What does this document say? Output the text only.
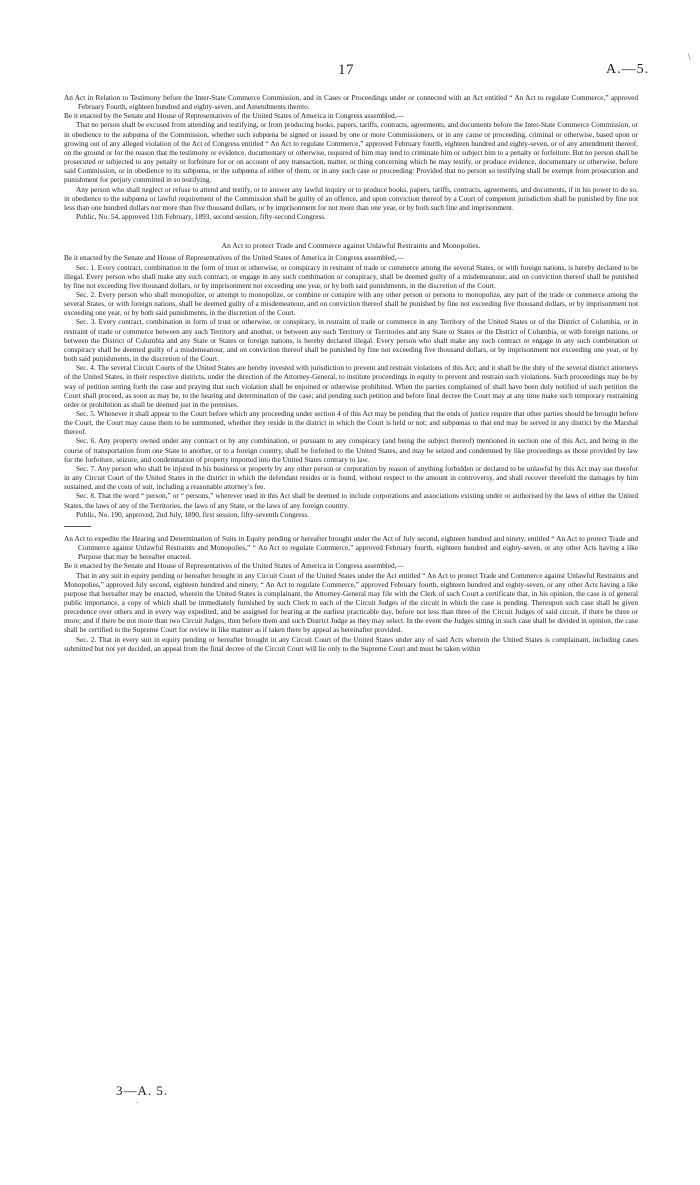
17	A.—5.
\

An Act in Relation to Testimony before the Inter-State Commerce Commission, and in Cases or Proceedings under or connected with an Act entitled “ An Act to regulate Commerce,” approved February Fourth, eighteen hundred and eighty-seven, and Amendments thereto.

Be it enacted by the Senate and House of Representatives of the United States of America in Congress assembled,—

That no person shall be excused from attending and testifying, or from producing books, papers, tariffs, contracts, agreements, and documents before the Inter-State Commerce Commission, or in obedience to the subpœna of the Commission, whether such subpœna be signed or issued by one or more Commissioners, or in any cause or proceeding, criminal or otherwise, based upon or growing out of any alleged violation of the Act of Congress entitled “ An Act to regulate Commerce,” approved February fourth, eighteen hundred and eighty-seven, or of any amendment thereof, on the ground or for the reason that the testimony or evidence, documentary or otherwise, required of him may tend to criminate him or subject him to a penalty or forfeiture. But no person shall be prosecuted or subjected to any penalty or forfeiture for or on account of any transaction, matter, or thing concerning which he may testify, or produce evidence, documentary or otherwise, before said Commission, or in obedience to its subpœna, or the subpœna of either of them, or in any such case or proceeding: Provided that no person so testifying shall be exempt from prosecution and punishment for perjury committed in so testifying.

Any person who shall neglect or refuse to attend and testify, or to answer any lawful inquiry or to produce books, papers, tariffs, contracts, agreements, and documents, if in his power to do so, in obedience to the subpœna or lawful requirement of the Commission shall be guilty of an offence, and upon conviction thereof by a Court of competent jurisdiction shall be punished by fine not less than one hundred dollars nor more than five thousand dollars, or by imprisonment for not more than one year, or by both such fine and imprisonment.

Public, No. 54, approved 11th February, 1893, second session, fifty-second Congress.

An Act to protect Trade and Commerce against Unlawful Restraints and Monopolies.

Be it enacted by the Senate and House of Representatives of the United States of America in Congress assembled,—

Sec. 1. Every contract, combination in the form of trust or otherwise, or conspiracy in restraint of trade or commerce among the several States, or with foreign nations, is hereby declared to be illegal. Every person who shall make any such contract, or engage in any such combination or conspiracy, shall be deemed guilty of a misdemeanour, and on conviction thereof shall be punished by fine not exceeding five thousand dollars, or by imprisonment not exceeding one year, or by both said punishments, in the discretion of the Court.

Sec. 2. Every person who shall monopolize, or attempt to monopolize, or combine or conspire with any other person or persons to monopolize, any part of the trade or commerce among the several States, or with foreign nations, shall be deemed guilty of a misdemeanour, and on conviction thereof shall be punished by fine not exceeding five thousand dollars, or by imprisonment not exceeding one year, or by both said punishments, in the discretion of the Court.

Sec. 3. Every contract, combination in form of trust or otherwise, or conspiracy, in restraint of trade or commerce in any Territory of the United States or of the District of Columbia, or in restraint of trade or commerce between any such Territory and another, or between any such Territory or Territories and any State or States or the District of Columbia, or with foreign nations, or between the District of Columbia and any State or States or foreign nations, is hereby declared illegal. Every person who shall make any such contract or engage in any such combination or conspiracy shall be deemed guilty of a misdemeanour, and on conviction thereof shall be punished by fine not exceeding five thousand dollars, or by imprisonment not exceeding one year, or by both said punishments, in the discretion of the Court.

Sec. 4. The several Circuit Courts of the United States are hereby invested with jurisdiction to prevent and restrain violations of this Act; and it shall be the duty of the several district attorneys of the United States, in their respective districts, under the direction of the Attorney-General, to institute proceedings in equity to prevent and restrain such violations. Such proceedings may be by way of petition setting forth the case and praying that such violation shall be enjoined or otherwise prohibited. When the parties complained of shall have been duly notified of such petition the Court shall proceed, as soon as may be, to the hearing and determination of the case; and pending such petition and before final decree the Court may at any time make such temporary restraining order or prohibition as shall be deemed just in the premises.

Sec. 5. Whenever it shall appear to the Court before which any proceeding under section 4 of this Act may be pending that the ends of justice require that other parties should be brought before the Court, the Court may cause them to be summoned, whether they reside in the district in which the Court is held or not; and subpœnas to that end may be served in any district by the Marshal thereof.

Sec. 6. Any property owned under any contract or by any combination, or pursuant to any conspiracy (and being the subject thereof) mentioned in section one of this Act, and being in the course of transportation from one State to another, or to a foreign country, shall be forfeited to the United States, and may be seized and condemned by like proceedings as those provided by law for the forfeiture, seizure, and condemnation of property imported into the United States contrary to law.

Sec. 7. Any person who shall be injured in his business or property by any other person or corporation by reason of anything forbidden or declared to be unlawful by this Act may sue therefor in any Circuit Court of the United States in the district in which the defendant resides or is found, without respect to the amount in controversy, and shall recover threefold the damages by him sustained, and the costs of suit, including a reasonable attorney’s fee.

Sec. 8. That the word “ person,” or “ persons,” wherever used in this Act shall be deemed to include corporations and associations existing under or authorised by the laws of either the United States, the laws of any of the Territories, the laws of any State, or the laws of any foreign country.

Public, No. 190, approved, 2nd July, 1890, first session, fifty-seventh Congress.

An Act to expedite the Hearing and Determination of Suits in Equity pending or hereafter brought under the Act of July second, eighteen hundred and ninety, entitled “ An Act to protect Trade and Commerce against Unlawful Restraints and Monopolies,” “ An Act to regulate Commerce,” approved February fourth, eighteen hundred and eighty-seven, or any other Acts having a like Purpose that may be hereafter enacted.

Be it enacted by the Senate and House of Representatives of the United States of America in Congress assembled,—

That in any suit in equity pending or hereafter brought in any Circuit Court of the United States under the Act entitled “ An Act to protect Trade and Commerce against Unlawful Restraints and Monopolies,” approved July second, eighteen hundred and ninety, “ An Act to regulate Commerce,” approved February fourth, eighteen hundred and eighty-seven, or any other Acts having a like purpose that hereafter may be enacted, wherein the United States is complainant, the Attorney-General may file with the Clerk of such Court a certificate that, in his opinion, the case is of general public importance, a copy of which shall be immediately furnished by such Clerk to each of the Circuit Judges of the circuit in which the case is pending. Thereupon such case shall be given precedence over others and in every way expedited, and be assigned for hearing at the earliest practicable day, before not less than three of the Circuit Judges of said circuit, if there be three or more; and if there be not more than two Circuit Judges, then before them and such District Judge as they may select. In the event the Judges sitting in such case shall be divided in opinion, the case shall be certified to the Supreme Court for review in like manner as if taken there by appeal as hereinafter provided.

Sec. 2. That in every suit in equity pending or hereafter brought in any Circuit Court of the United States under any of said Acts wherein the United States is complainant, including cases submitted but not yet decided, an appeal from the final decree of the Circuit Court will lie only to the Supreme Court and must be taken within

3—A. 5.
·
